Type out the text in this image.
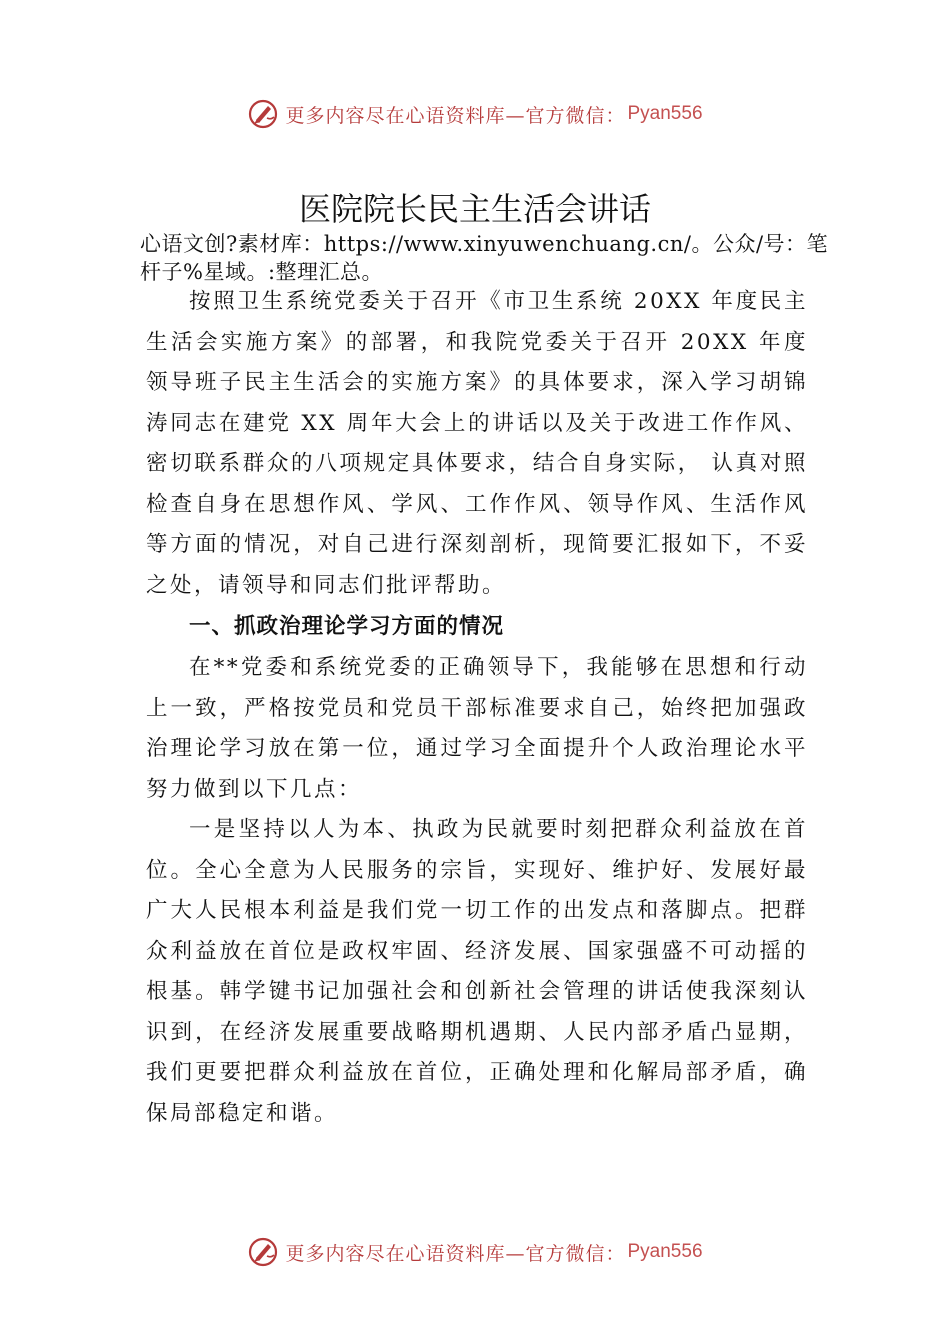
更多内容尽在心语资料库—官方微信： Pyan556
医院院长民主生活会讲话
心语文创?素材库：https://www.xinyuwenchuang.cn/。公众/号：笔杆子%星域。:整理汇总。

按照卫生系统党委关于召开《市卫生系统 20XX 年度民主生活会实施方案》的部署，和我院党委关于召开 20XX 年度领导班子民主生活会的实施方案》的具体要求，深入学习胡锦涛同志在建党 XX 周年大会上的讲话以及关于改进工作作风、密切联系群众的八项规定具体要求，结合自身实际， 认真对照检查自身在思想作风、学风、工作作风、领导作风、生活作风等方面的情况，对自己进行深刻剖析，现简要汇报如下，不妥之处，请领导和同志们批评帮助。

一、抓政治理论学习方面的情况

在**党委和系统党委的正确领导下，我能够在思想和行动上一致，严格按党员和党员干部标准要求自己，始终把加强政治理论学习放在第一位，通过学习全面提升个人政治理论水平努力做到以下几点：

一是坚持以人为本、执政为民就要时刻把群众利益放在首位。全心全意为人民服务的宗旨，实现好、维护好、发展好最广大人民根本利益是我们党一切工作的出发点和落脚点。把群众利益放在首位是政权牢固、经济发展、国家强盛不可动摇的根基。韩学键书记加强社会和创新社会管理的讲话使我深刻认识到，在经济发展重要战略期机遇期、人民内部矛盾凸显期，我们更要把群众利益放在首位，正确处理和化解局部矛盾，确保局部稳定和谐。

更多内容尽在心语资料库—官方微信： Pyan556
